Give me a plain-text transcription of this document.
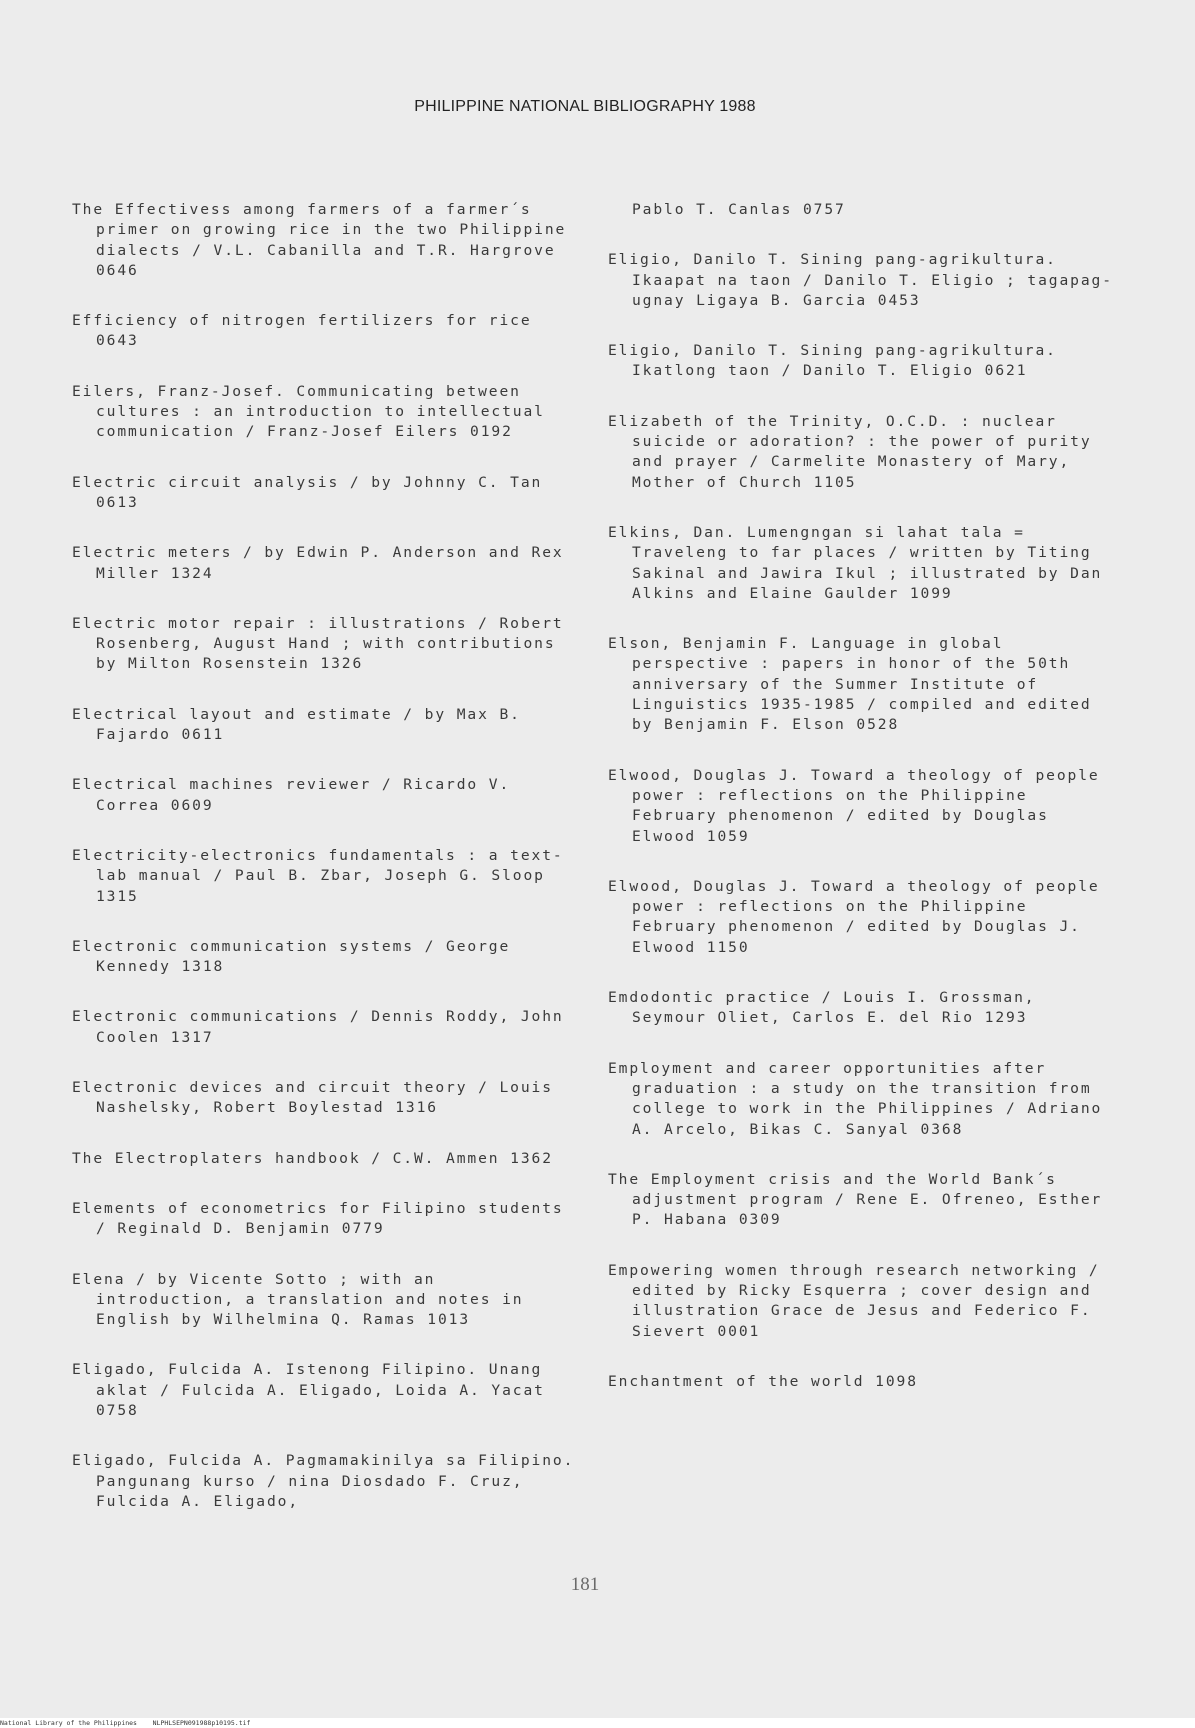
PHILIPPINE NATIONAL BIBLIOGRAPHY 1988

The Effectivess among farmers of a farmer´s primer on growing rice in the two Philippine dialects / V.L. Cabanilla and T.R. Hargrove 0646

Efficiency of nitrogen fertilizers for rice 0643

Eilers, Franz-Josef. Communicating between cultures : an introduction to intellectual communication / Franz-Josef Eilers 0192

Electric circuit analysis / by Johnny C. Tan 0613

Electric meters / by Edwin P. Anderson and Rex Miller 1324

Electric motor repair : illustrations / Robert Rosenberg, August Hand ; with contributions by Milton Rosenstein 1326

Electrical layout and estimate / by Max B. Fajardo 0611

Electrical machines reviewer / Ricardo V. Correa 0609

Electricity-electronics fundamentals : a text-lab manual / Paul B. Zbar, Joseph G. Sloop 1315

Electronic communication systems / George Kennedy 1318

Electronic communications / Dennis Roddy, John Coolen 1317

Electronic devices and circuit theory / Louis Nashelsky, Robert Boylestad 1316

The Electroplaters handbook / C.W. Ammen 1362

Elements of econometrics for Filipino students / Reginald D. Benjamin 0779

Elena / by Vicente Sotto ; with an introduction, a translation and notes in English by Wilhelmina Q. Ramas 1013

Eligado, Fulcida A. Istenong Filipino. Unang aklat / Fulcida A. Eligado, Loida A. Yacat 0758

Eligado, Fulcida A. Pagmamakinilya sa Filipino. Pangunang kurso / nina Diosdado F. Cruz, Fulcida A. Eligado,

Pablo T. Canlas 0757

Eligio, Danilo T. Sining pang-agrikultura. Ikaapat na taon / Danilo T. Eligio ; tagapag-ugnay Ligaya B. Garcia 0453

Eligio, Danilo T. Sining pang-agrikultura. Ikatlong taon / Danilo T. Eligio 0621

Elizabeth of the Trinity, O.C.D. : nuclear suicide or adoration? : the power of purity and prayer / Carmelite Monastery of Mary, Mother of Church 1105

Elkins, Dan. Lumengngan si lahat tala = Traveleng to far places / written by Titing Sakinal and Jawira Ikul ; illustrated by Dan Alkins and Elaine Gaulder 1099

Elson, Benjamin F. Language in global perspective : papers in honor of the 50th anniversary of the Summer Institute of Linguistics 1935-1985 / compiled and edited by Benjamin F. Elson 0528

Elwood, Douglas J. Toward a theology of people power : reflections on the Philippine February phenomenon / edited by Douglas Elwood 1059

Elwood, Douglas J. Toward a theology of people power : reflections on the Philippine February phenomenon / edited by Douglas J. Elwood 1150

Emdodontic practice / Louis I. Grossman, Seymour Oliet, Carlos E. del Rio 1293

Employment and career opportunities after graduation : a study on the transition from college to work in the Philippines / Adriano A. Arcelo, Bikas C. Sanyal 0368

The Employment crisis and the World Bank´s adjustment program / Rene E. Ofreneo, Esther P. Habana 0309

Empowering women through research networking / edited by Ricky Esquerra ; cover design and illustration Grace de Jesus and Federico F. Sievert 0001

Enchantment of the world 1098

181
National Library of the Philippines    NLPHLSEPN091988p10195.tif
